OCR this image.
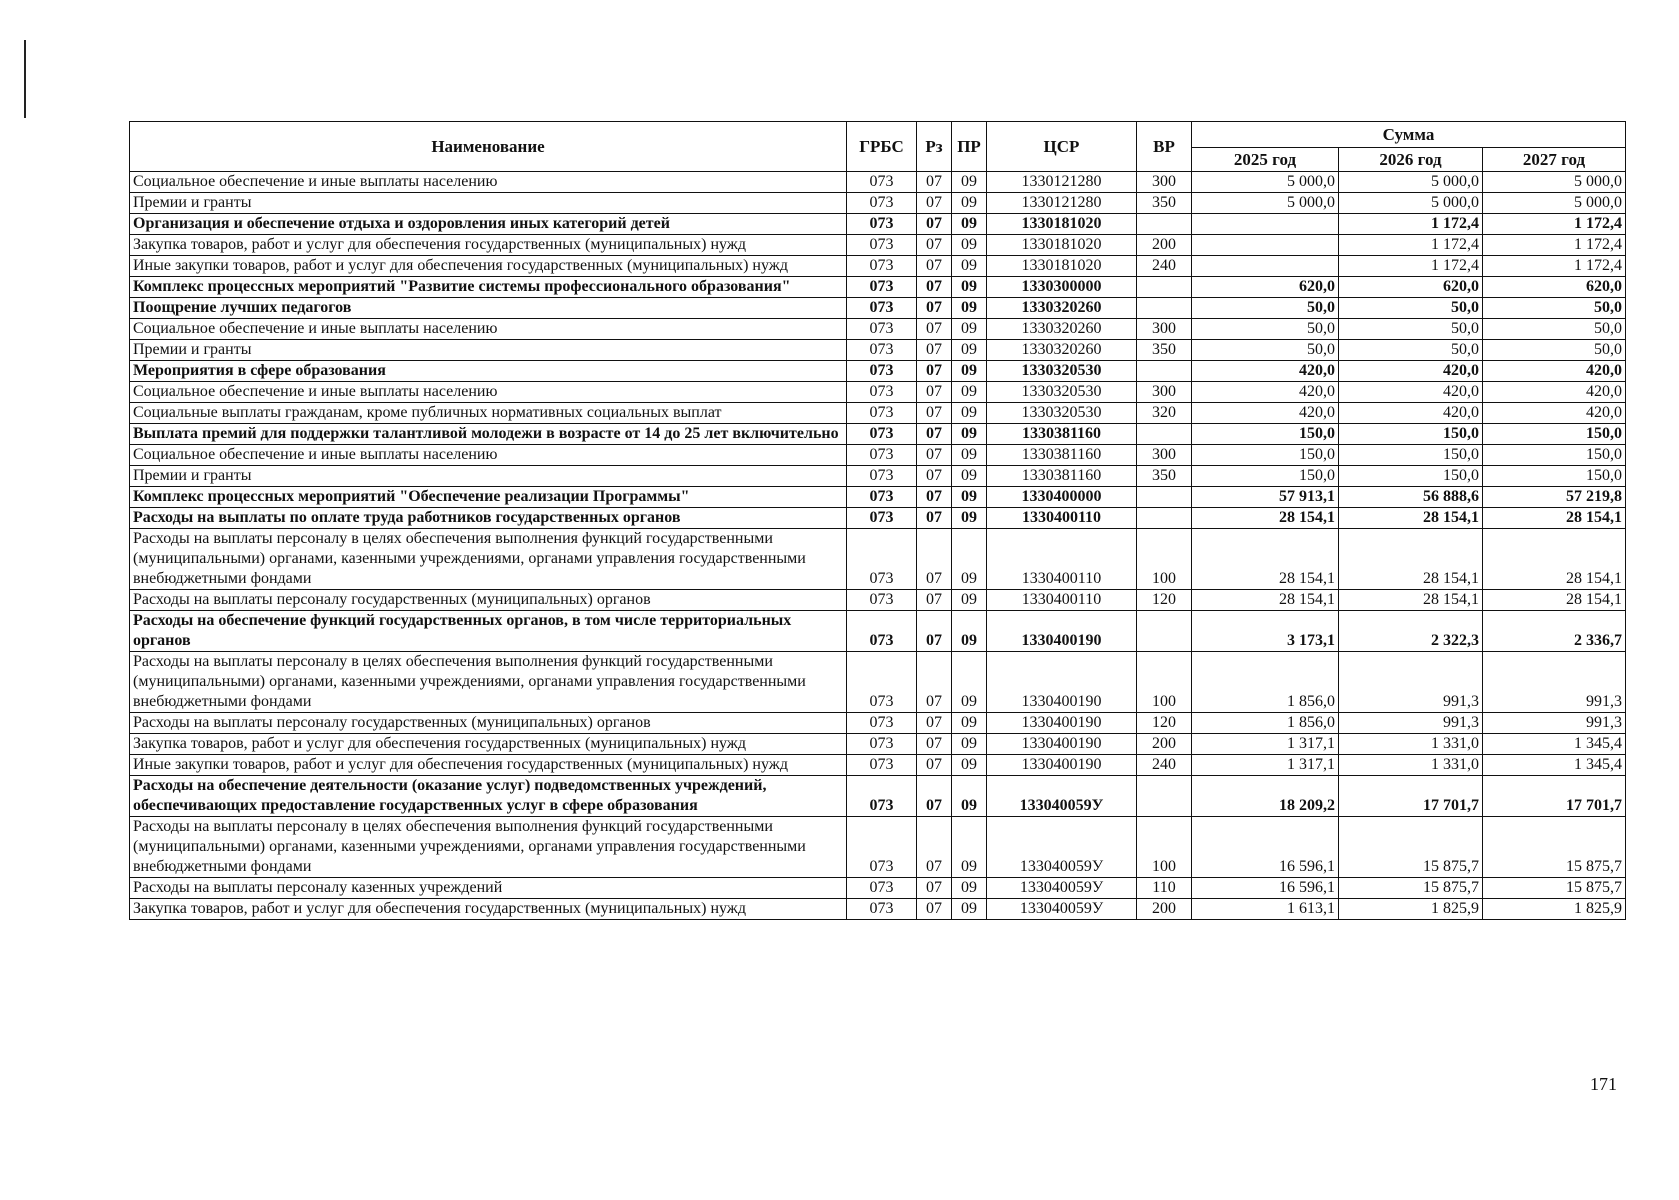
Наименование	ГРБС	Рз	ПР	ЦСР	ВР	Сумма		
						2025 год	2026 год	2027 год
Социальное обеспечение и иные выплаты населению	073	07	09	1330121280	300	5 000,0	5 000,0	5 000,0
Премии и гранты	073	07	09	1330121280	350	5 000,0	5 000,0	5 000,0
Организация и обеспечение отдыха и оздоровления иных категорий детей	073	07	09	1330181020			1 172,4	1 172,4
Закупка товаров, работ и услуг для обеспечения государственных (муниципальных) нужд	073	07	09	1330181020	200		1 172,4	1 172,4
Иные закупки товаров, работ и услуг для обеспечения государственных (муниципальных) нужд	073	07	09	1330181020	240		1 172,4	1 172,4
Комплекс процессных мероприятий "Развитие системы профессионального образования"	073	07	09	1330300000		620,0	620,0	620,0
Поощрение лучших педагогов	073	07	09	1330320260		50,0	50,0	50,0
Социальное обеспечение и иные выплаты населению	073	07	09	1330320260	300	50,0	50,0	50,0
Премии и гранты	073	07	09	1330320260	350	50,0	50,0	50,0
Мероприятия в сфере образования	073	07	09	1330320530		420,0	420,0	420,0
Социальное обеспечение и иные выплаты населению	073	07	09	1330320530	300	420,0	420,0	420,0
Социальные выплаты гражданам, кроме публичных нормативных социальных выплат	073	07	09	1330320530	320	420,0	420,0	420,0
Выплата премий для поддержки талантливой молодежи в возрасте от 14 до 25 лет включительно	073	07	09	1330381160		150,0	150,0	150,0
Социальное обеспечение и иные выплаты населению	073	07	09	1330381160	300	150,0	150,0	150,0
Премии и гранты	073	07	09	1330381160	350	150,0	150,0	150,0
Комплекс процессных мероприятий "Обеспечение реализации Программы"	073	07	09	1330400000		57 913,1	56 888,6	57 219,8
Расходы на выплаты по оплате труда работников государственных органов	073	07	09	1330400110		28 154,1	28 154,1	28 154,1
Расходы на выплаты персоналу в целях обеспечения выполнения функций государственными (муниципальными) органами, казенными учреждениями, органами управления государственными внебюджетными фондами	073	07	09	1330400110	100	28 154,1	28 154,1	28 154,1
Расходы на выплаты персоналу государственных (муниципальных) органов	073	07	09	1330400110	120	28 154,1	28 154,1	28 154,1
Расходы на обеспечение функций государственных органов, в том числе территориальных органов	073	07	09	1330400190		3 173,1	2 322,3	2 336,7
Расходы на выплаты персоналу в целях обеспечения выполнения функций государственными (муниципальными) органами, казенными учреждениями, органами управления государственными внебюджетными фондами	073	07	09	1330400190	100	1 856,0	991,3	991,3
Расходы на выплаты персоналу государственных (муниципальных) органов	073	07	09	1330400190	120	1 856,0	991,3	991,3
Закупка товаров, работ и услуг для обеспечения государственных (муниципальных) нужд	073	07	09	1330400190	200	1 317,1	1 331,0	1 345,4
Иные закупки товаров, работ и услуг для обеспечения государственных (муниципальных) нужд	073	07	09	1330400190	240	1 317,1	1 331,0	1 345,4
Расходы на обеспечение деятельности (оказание услуг) подведомственных учреждений, обеспечивающих предоставление государственных услуг в сфере образования	073	07	09	133040059У		18 209,2	17 701,7	17 701,7
Расходы на выплаты персоналу в целях обеспечения выполнения функций государственными (муниципальными) органами, казенными учреждениями, органами управления государственными внебюджетными фондами	073	07	09	133040059У	100	16 596,1	15 875,7	15 875,7
Расходы на выплаты персоналу казенных учреждений	073	07	09	133040059У	110	16 596,1	15 875,7	15 875,7
Закупка товаров, работ и услуг для обеспечения государственных (муниципальных) нужд	073	07	09	133040059У	200	1 613,1	1 825,9	1 825,9
171
